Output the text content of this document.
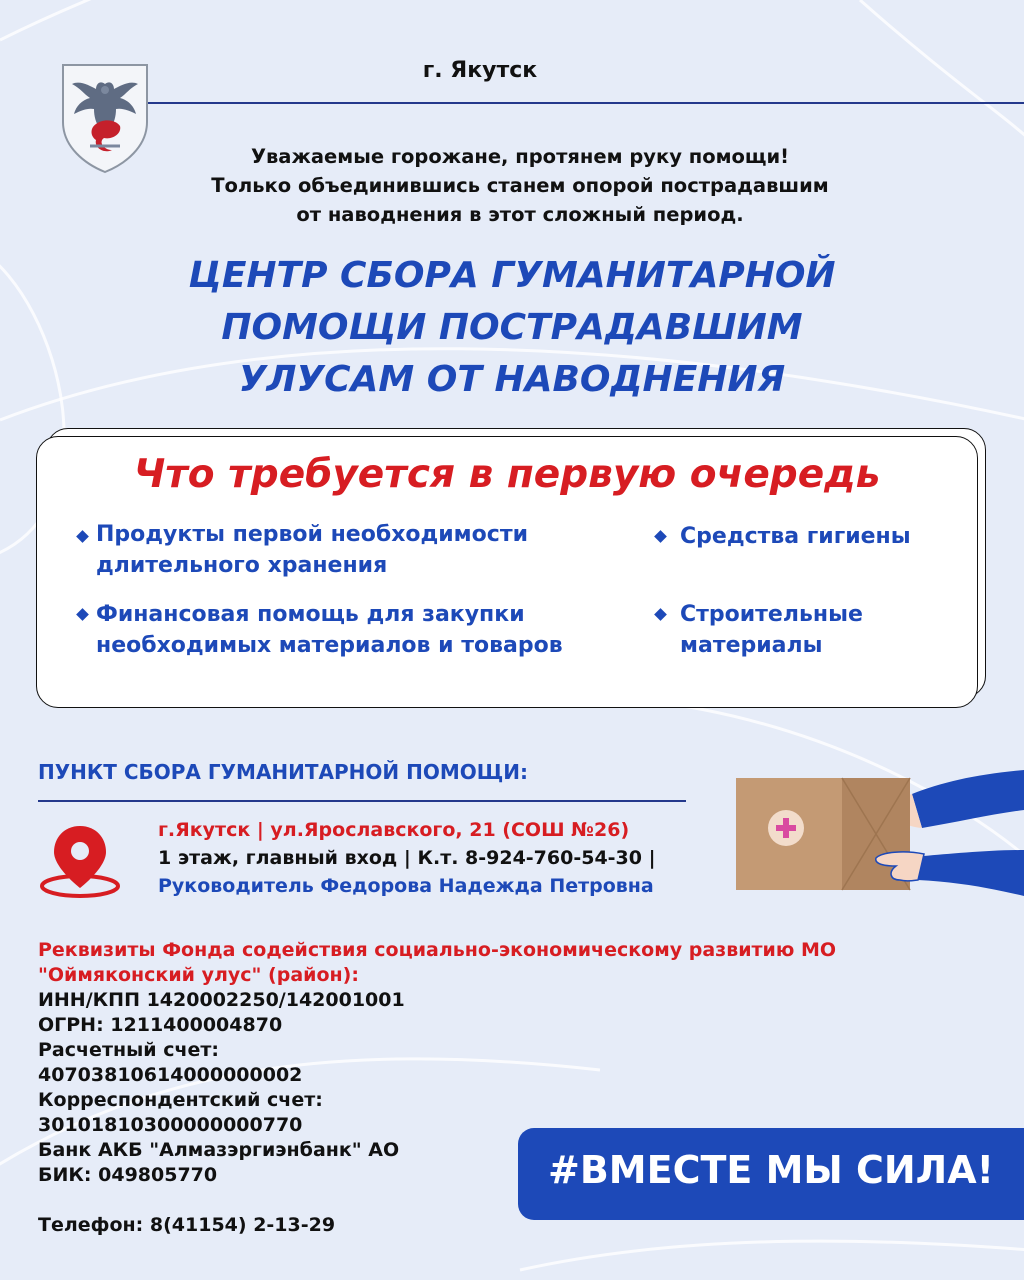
г. Якутск
Уважаемые горожане, протянем руку помощи!
Только объединившись станем опорой пострадавшим
от наводнения в этот сложный период.
ЦЕНТР СБОРА ГУМАНИТАРНОЙ
ПОМОЩИ ПОСТРАДАВШИМ
УЛУСАМ ОТ НАВОДНЕНИЯ
Что требуется в первую очередь
Продукты первой необходимости
длительного хранения
Средства гигиены
Финансовая помощь для закупки
необходимых материалов и товаров
Строительные
материалы
ПУНКТ СБОРА ГУМАНИТАРНОЙ ПОМОЩИ:
г.Якутск | ул.Ярославского, 21 (СОШ №26)
1 этаж, главный вход | К.т. 8-924-760-54-30 |
Руководитель Федорова Надежда Петровна
Реквизиты Фонда содействия социально-экономическому развитию МО
"Оймяконский улус" (район):
ИНН/КПП 1420002250/142001001
ОГРН: 1211400004870
Расчетный счет:
40703810614000000002
Корреспондентский счет:
30101810300000000770
Банк АКБ "Алмазэргиэнбанк" АО
БИК: 049805770
Телефон: 8(41154) 2-13-29
#ВМЕСТЕ МЫ СИЛА!
